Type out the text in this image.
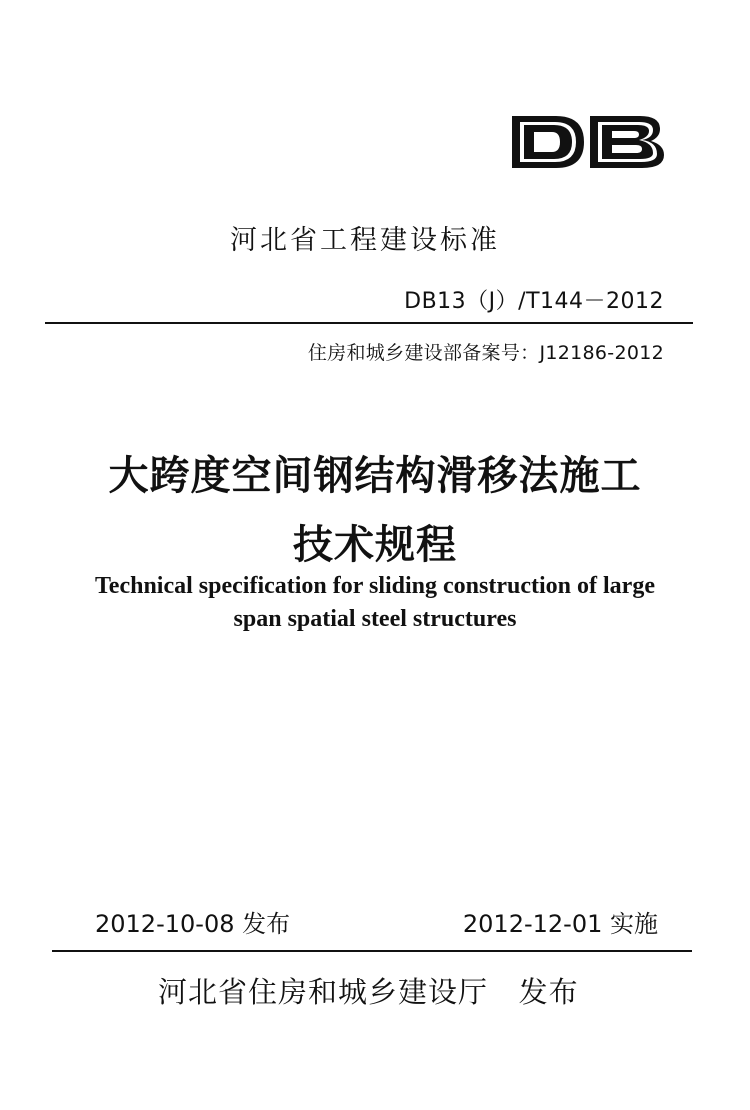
河北省工程建设标准
DB13（J）/T144－2012
住房和城乡建设部备案号：J12186-2012
大跨度空间钢结构滑移法施工
技术规程
Technical specification for sliding construction of large
span spatial steel structures
2012-10-08 发布	2012-12-01 实施
河北省住房和城乡建设厅   发布
